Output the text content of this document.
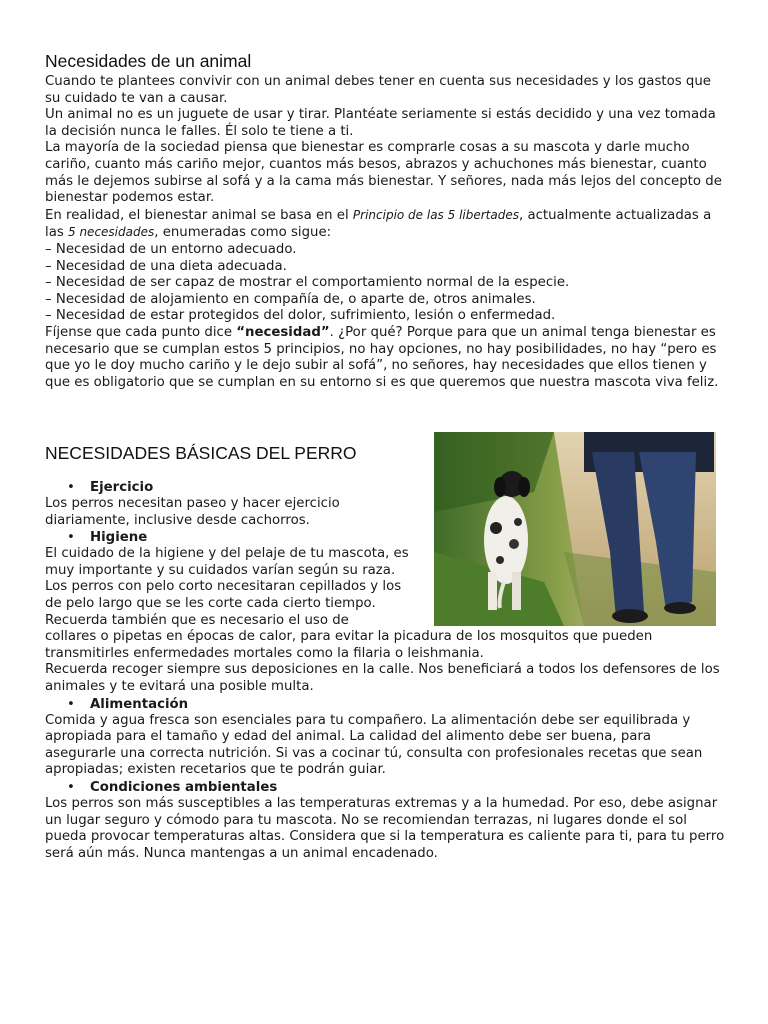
Necesidades de un animal

Cuando te plantees convivir con un animal debes tener en cuenta sus necesidades y los gastos que su cuidado te van a causar.

Un animal no es un juguete de usar y tirar. Plantéate seriamente si estás decidido y una vez tomada la decisión nunca le falles. Él solo te tiene a ti.

La mayoría de la sociedad piensa que bienestar es comprarle cosas a su mascota y darle mucho cariño, cuanto más cariño mejor, cuantos más besos, abrazos y achuchones más bienestar, cuanto más le dejemos subirse al sofá y a la cama más bienestar. Y señores, nada más lejos del concepto de bienestar podemos estar.

En realidad, el bienestar animal se basa en el Principio de las 5 libertades, actualmente actualizadas a las 5 necesidades, enumeradas como sigue:

– Necesidad de un entorno adecuado.

– Necesidad de una dieta adecuada.

– Necesidad de ser capaz de mostrar el comportamiento normal de la especie.

– Necesidad de alojamiento en compañía de, o aparte de, otros animales.

– Necesidad de estar protegidos del dolor, sufrimiento, lesión o enfermedad.

Fíjense que cada punto dice “necesidad”. ¿Por qué? Porque para que un animal tenga bienestar es necesario que se cumplan estos 5 principios, no hay opciones, no hay posibilidades, no hay “pero es que yo le doy mucho cariño y le dejo subir al sofá”, no señores, hay necesidades que ellos tienen y que es obligatorio que se cumplan en su entorno si es que queremos que nuestra mascota viva feliz.

NECESIDADES BÁSICAS DEL PERRO
• Ejercicio

Los perros necesitan paseo y hacer ejercicio diariamente, inclusive desde cachorros.

• Higiene

El cuidado de la higiene y del pelaje de tu mascota, es muy importante y su cuidados varían según su raza. Los perros con pelo corto necesitaran cepillados y los de pelo largo que se les corte cada cierto tiempo. Recuerda también que es necesario el uso de
collares o pipetas en épocas de calor, para evitar la picadura de los mosquitos que pueden transmitirles enfermedades mortales como la filaria o leishmania.

Recuerda recoger siempre sus deposiciones en la calle. Nos beneficiará a todos los defensores de los animales y te evitará una posible multa.

• Alimentación

Comida y agua fresca son esenciales para tu compañero. La alimentación debe ser equilibrada y apropiada para el tamaño y edad del animal. La calidad del alimento debe ser buena, para asegurarle una correcta nutrición. Si vas a cocinar tú, consulta con profesionales recetas que sean apropiadas; existen recetarios que te podrán guiar.

• Condiciones ambientales

Los perros son más susceptibles a las temperaturas extremas y a la humedad. Por eso, debe asignar un lugar seguro y cómodo para tu mascota. No se recomiendan terrazas, ni lugares donde el sol pueda provocar temperaturas altas. Considera que si la temperatura es caliente para ti, para tu perro será aún más. Nunca mantengas a un animal encadenado.
